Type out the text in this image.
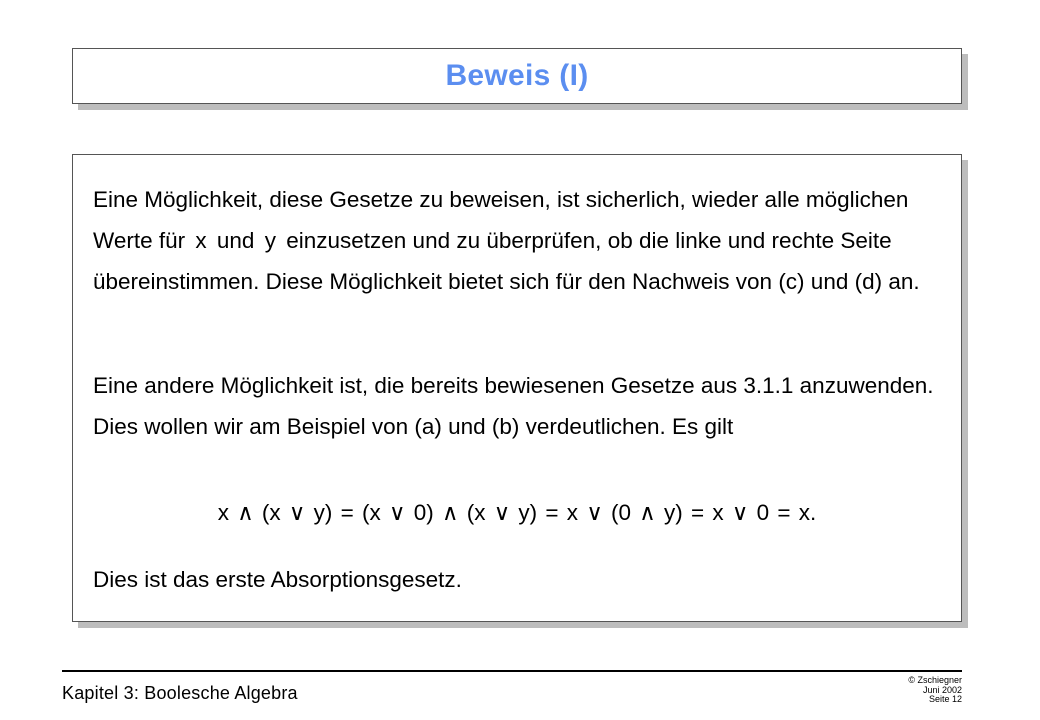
Beweis (I)

Eine Möglichkeit, diese Gesetze zu beweisen, ist sicherlich, wieder alle möglichen Werte für x und y einzusetzen und zu überprüfen, ob die linke und rechte Seite übereinstimmen. Diese Möglichkeit bietet sich für den Nachweis von (c) und (d) an.

Eine andere Möglichkeit ist, die bereits bewiesenen Gesetze aus 3.1.1 anzuwenden. Dies wollen wir am Beispiel von (a) und (b) verdeutlichen. Es gilt

x ∧ (x ∨ y) = (x ∨ 0) ∧ (x ∨ y) = x ∨ (0 ∧ y) = x ∨ 0 = x.

Dies ist das erste Absorptionsgesetz.

Kapitel 3: Boolesche Algebra
© Zschiegner
Juni 2002
Seite 12
